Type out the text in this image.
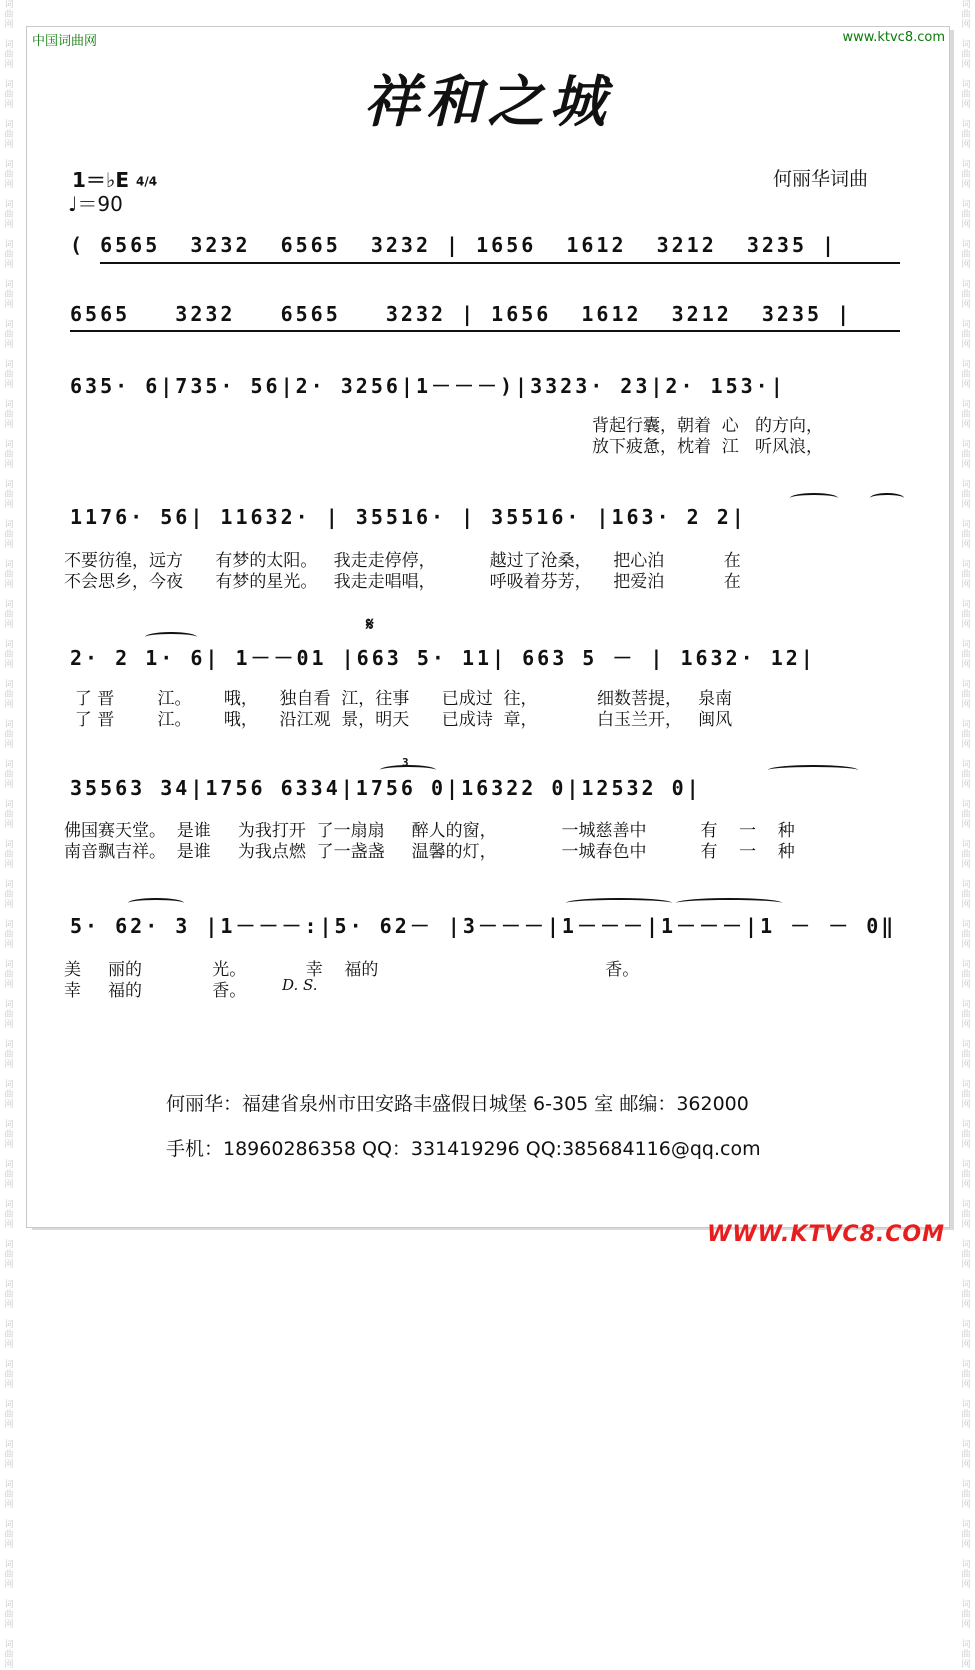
词
曲
网

词
曲
网

词
曲
网

词
曲
网

词
曲
网

词
曲
网

词
曲
网

词
曲
网

词
曲
网

词
曲
网

词
曲
网

词
曲
网

词
曲
网

词
曲
网

词
曲
网

词
曲
网

词
曲
网

词
曲
网

词
曲
网

词
曲
网

词
曲
网

词
曲
网

词
曲
网

词
曲
网

词
曲
网

词
曲
网

词
曲
网

词
曲
网

词
曲
网

词
曲
网

词
曲
网

词
曲
网

词
曲
网

词
曲
网

词
曲
网

词
曲
网

词
曲
网

词
曲
网

词
曲
网

词
曲
网

词
曲
网

词
曲
网

词
曲
网

词
曲
网

词
曲
网

词
曲
网

词
曲
网

词
曲
网

词
曲
网

词
曲
网

词
曲
网

词
曲
网

词
曲
网

词
曲
网

词
曲
网

词
曲
网

词
曲
网

词
曲
网

词
曲
网

词
曲
网

词
曲
网

词
曲
网

词
曲
网

词
曲
网

词
曲
网

词
曲
网

词
曲
网

词
曲
网

词
曲
网

词
曲
网

词
曲
网

词
曲
网

词
曲
网

词
曲
网

词
曲
网

词
曲
网

词
曲
网

词
曲
网

词
曲
网

词
曲
网

词
曲
网

词
曲
网

词
曲
网

词
曲
网

中国词曲网	www.ktvc8.com
祥和之城
1＝♭E 4/4
♩＝90
何丽华词曲
( 6565  3232  6565  3232 | 1656  1612  3212  3235 |
6565   3232   6565   3232 | 1656  1612  3212  3235 |
635· 6|735· 56|2· 3256|1－－－)|3323· 23|2· 153·|
背起行囊，朝着  心   的方向，
放下疲惫，枕着  江   听风浪，
1176· 56| 11632· | 35516· | 35516· |163· 2 2|
不要彷徨，远方      有梦的太阳。   我走走停停，          越过了沧桑，    把心泊           在
不会思乡，今夜      有梦的星光。   我走走唱唱，          呼吸着芬芳，    把爱泊           在
2· 2 1· 6| 1－－01 |663 5· 11| 663 5 － | 1632· 12|
𝄋
了 晋        江。      哦，    独自看  江，往事      已成过  往，           细数菩提，   泉南
了 晋        江。      哦，    沿江观  景，明天      已成诗  章，           白玉兰开，   闽风
35563 34|1756 6334|1756 0|16322 0|12532 0|
3
佛国赛天堂。  是谁     为我打开  了一扇扇     醉人的窗，            一城慈善中          有    一    种
南音飘吉祥。  是谁     为我点燃  了一盏盏     温馨的灯，            一城春色中          有    一    种
5· 62· 3 |1－－－:|5· 62－ |3－－－|1－－－|1－－－|1 － － 0‖
美     丽的             光。           幸    福的                                          香。
幸     福的             香。 D. S.
何丽华：福建省泉州市田安路丰盛假日城堡 6-305 室 邮编：362000
手机：18960286358 QQ：331419296 QQ:385684116@qq.com
WWW.KTVC8.COM
